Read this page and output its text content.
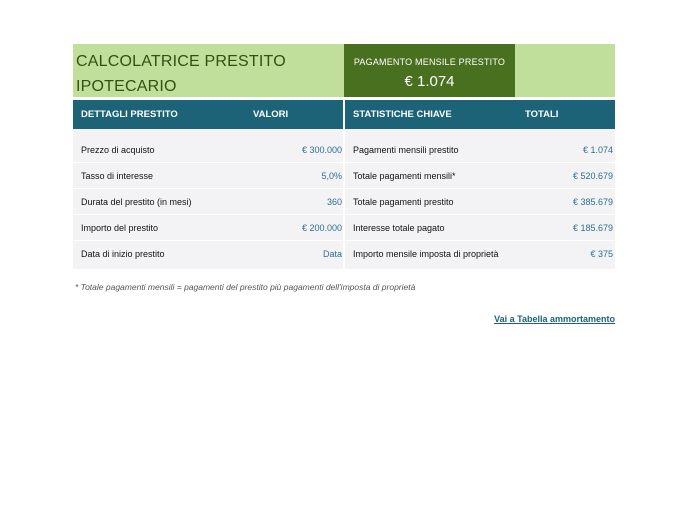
CALCOLATRICE PRESTITO
IPOTECARIO
PAGAMENTO MENSILE PRESTITO
€ 1.074
DETTAGLI PRESTITO	VALORI
Prezzo di acquisto	€ 300.000
Tasso di interesse	5,0%
Durata del prestito (in mesi)	360
Importo del prestito	€ 200.000
Data di inizio prestito	Data
STATISTICHE CHIAVE	TOTALI
Pagamenti mensili prestito	€ 1.074
Totale pagamenti mensili*	€ 520.679
Totale pagamenti prestito	€ 385.679
Interesse totale pagato	€ 185.679
Importo mensile imposta di proprietà	€ 375
* Totale pagamenti mensili = pagamenti del prestito più pagamenti dell'imposta di proprietà
Vai a Tabella ammortamento
